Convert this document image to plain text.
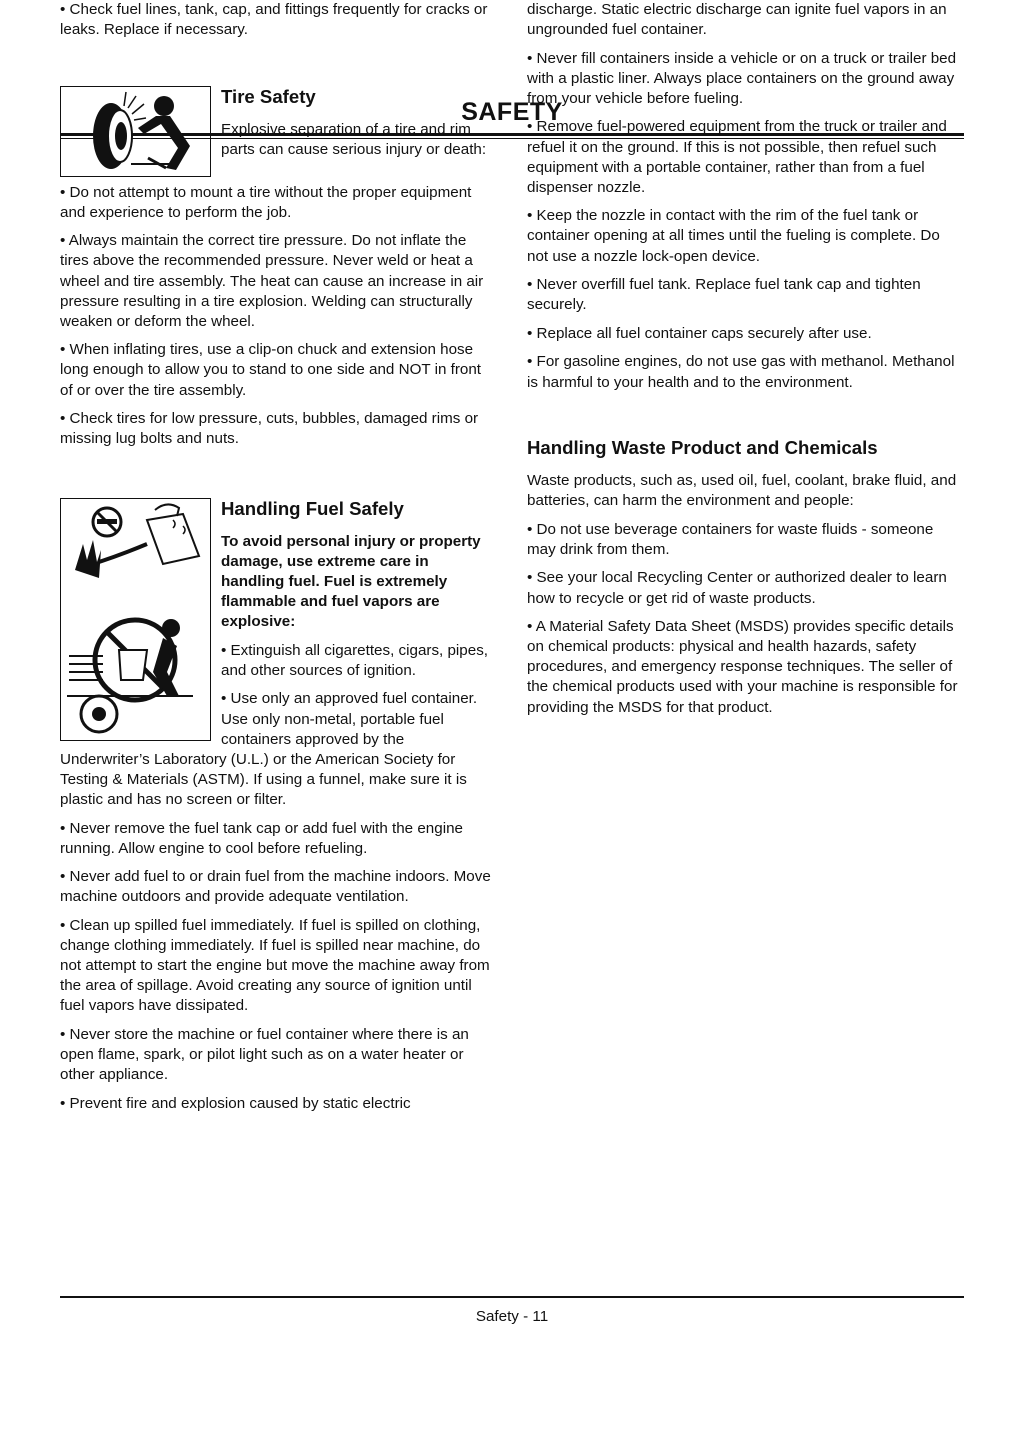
SAFETY

• Check fuel lines, tank, cap, and fittings frequently for cracks or leaks. Replace if necessary.

Tire Safety

Explosive separation of a tire and rim parts can cause serious injury or death:

• Do not attempt to mount a tire without the proper equipment and experience to perform the job.

• Always maintain the correct tire pressure. Do not inflate the tires above the recommended pressure. Never weld or heat a wheel and tire assembly. The heat can cause an increase in air pressure resulting in a tire explosion. Welding can structurally weaken or deform the wheel.

• When inflating tires, use a clip-on chuck and extension hose long enough to allow you to stand to one side and NOT in front of or over the tire assembly.

• Check tires for low pressure, cuts, bubbles, damaged rims or missing lug bolts and nuts.

Handling Fuel Safely

To avoid personal injury or property damage, use extreme care in handling fuel. Fuel is extremely flammable and fuel vapors are explosive:

• Extinguish all cigarettes, cigars, pipes, and other sources of ignition.

• Use only an approved fuel container. Use only non-metal, portable fuel containers approved by the Underwriter’s Laboratory (U.L.) or the American Society for Testing & Materials (ASTM). If using a funnel, make sure it is plastic and has no screen or filter.

• Never remove the fuel tank cap or add fuel with the engine running. Allow engine to cool before refueling.

• Never add fuel to or drain fuel from the machine indoors. Move machine outdoors and provide adequate ventilation.

• Clean up spilled fuel immediately. If fuel is spilled on clothing, change clothing immediately. If fuel is spilled near machine, do not attempt to start the engine but move the machine away from the area of spillage. Avoid creating any source of ignition until fuel vapors have dissipated.

• Never store the machine or fuel container where there is an open flame, spark, or pilot light such as on a water heater or other appliance.

• Prevent fire and explosion caused by static electric

discharge. Static electric discharge can ignite fuel vapors in an ungrounded fuel container.

• Never fill containers inside a vehicle or on a truck or trailer bed with a plastic liner. Always place containers on the ground away from your vehicle before fueling.

• Remove fuel-powered equipment from the truck or trailer and refuel it on the ground. If this is not possible, then refuel such equipment with a portable container, rather than from a fuel dispenser nozzle.

• Keep the nozzle in contact with the rim of the fuel tank or container opening at all times until the fueling is complete. Do not use a nozzle lock-open device.

• Never overfill fuel tank. Replace fuel tank cap and tighten securely.

• Replace all fuel container caps securely after use.

• For gasoline engines, do not use gas with methanol. Methanol is harmful to your health and to the environment.

Handling Waste Product and Chemicals

Waste products, such as, used oil, fuel, coolant, brake fluid, and batteries, can harm the environment and people:

• Do not use beverage containers for waste fluids - someone may drink from them.

• See your local Recycling Center or authorized dealer to learn how to recycle or get rid of waste products.

• A Material Safety Data Sheet (MSDS) provides specific details on chemical products: physical and health hazards, safety procedures, and emergency response techniques. The seller of the chemical products used with your machine is responsible for providing the MSDS for that product.

Safety - 11
